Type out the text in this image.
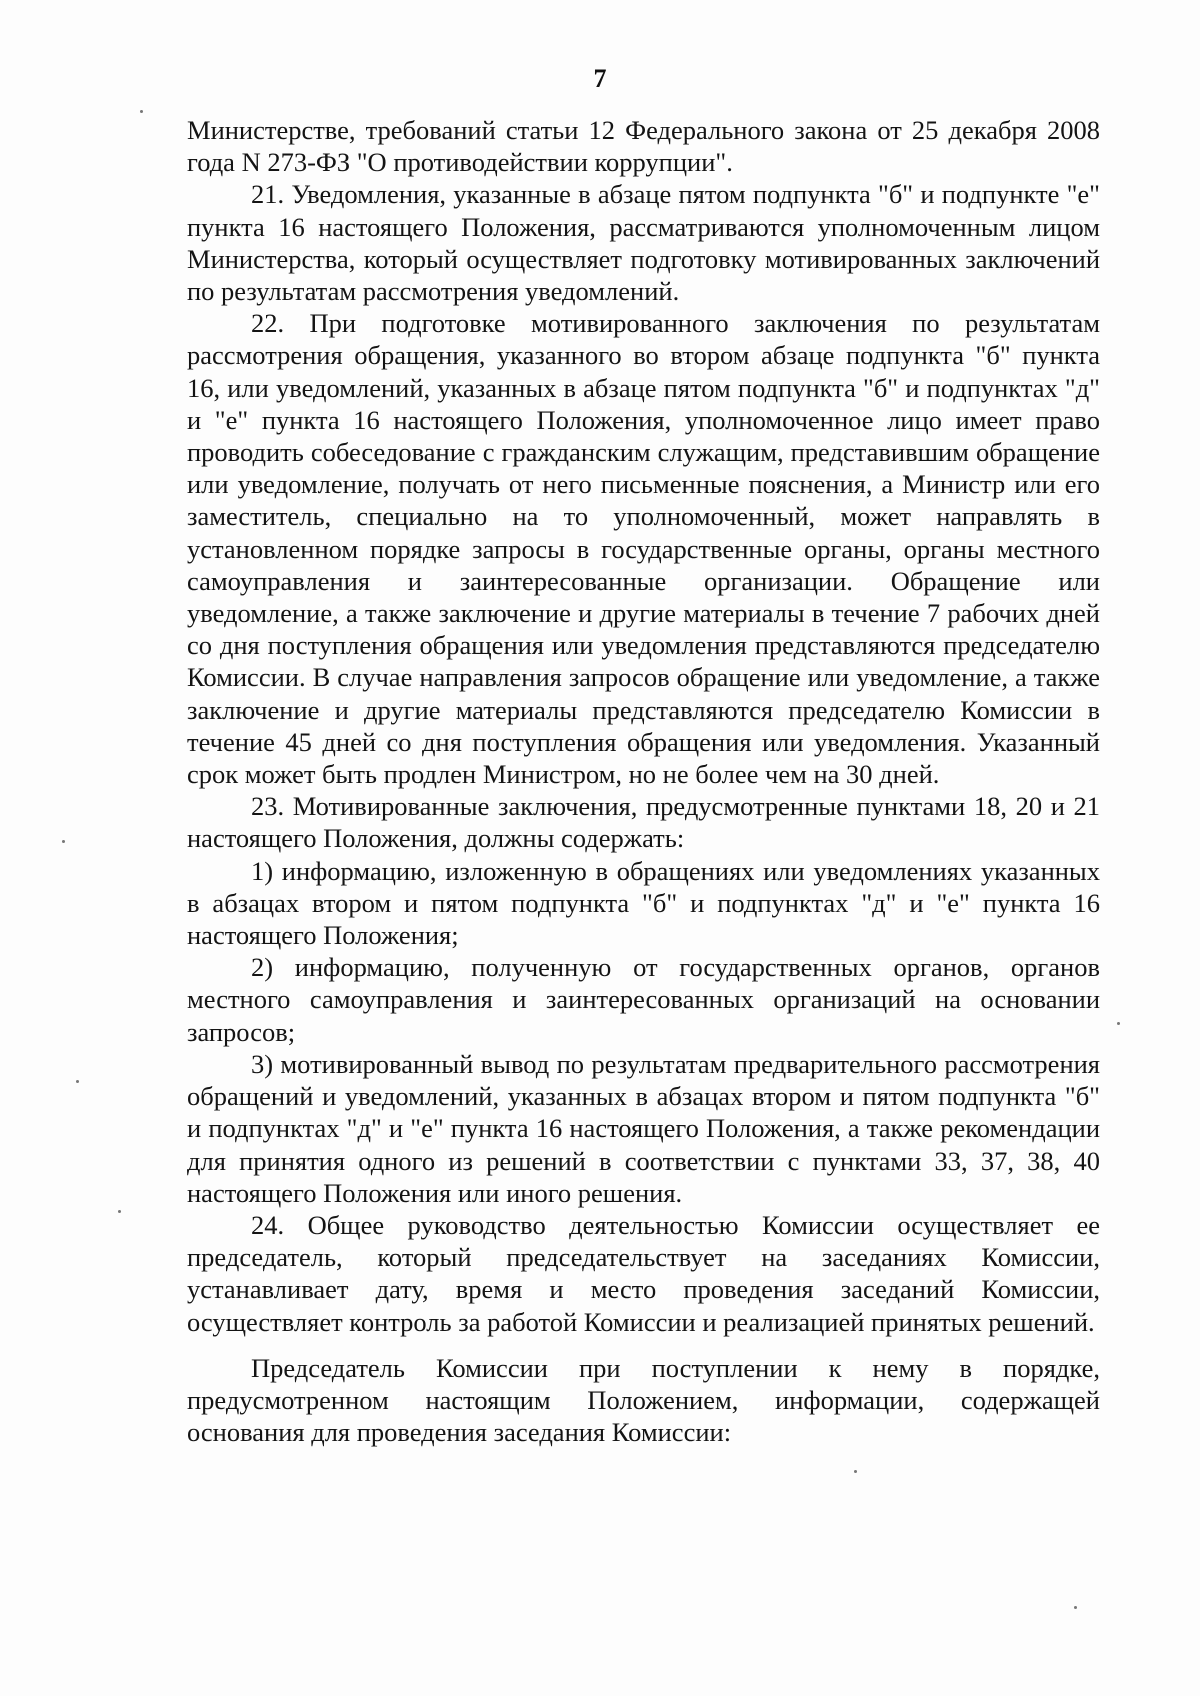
7

Министерстве, требований статьи 12 Федерального закона от 25 декабря 2008 года N 273-ФЗ "О противодействии коррупции".

21. Уведомления, указанные в абзаце пятом подпункта "б" и подпункте "е" пункта 16 настоящего Положения, рассматриваются уполномоченным лицом Министерства, который осуществляет подготовку мотивированных заключений по результатам рассмотрения уведомлений.

22. При подготовке мотивированного заключения по результатам рассмотрения обращения, указанного во втором абзаце подпункта "б" пункта 16, или уведомлений, указанных в абзаце пятом подпункта "б" и подпунктах "д" и "е" пункта 16 настоящего Положения, уполномоченное лицо имеет право проводить собеседование с гражданским служащим, представившим обращение или уведомление, получать от него письменные пояснения, а Министр или его заместитель, специально на то уполномоченный, может направлять в установленном порядке запросы в государственные органы, органы местного самоуправления и заинтересованные организации. Обращение или уведомление, а также заключение и другие материалы в течение 7 рабочих дней со дня поступления обращения или уведомления представляются председателю Комиссии. В случае направления запросов обращение или уведомление, а также заключение и другие материалы представляются председателю Комиссии в течение 45 дней со дня поступления обращения или уведомления. Указанный срок может быть продлен Министром, но не более чем на 30 дней.

23. Мотивированные заключения, предусмотренные пунктами 18, 20 и 21 настоящего Положения, должны содержать:

1) информацию, изложенную в обращениях или уведомлениях указанных в абзацах втором и пятом подпункта "б" и подпунктах "д" и "е" пункта 16 настоящего Положения;

2) информацию, полученную от государственных органов, органов местного самоуправления и заинтересованных организаций на основании запросов;

3) мотивированный вывод по результатам предварительного рассмотрения обращений и уведомлений, указанных в абзацах втором и пятом подпункта "б" и подпунктах "д" и "е" пункта 16 настоящего Положения, а также рекомендации для принятия одного из решений в соответствии с пунктами 33, 37, 38, 40 настоящего Положения или иного решения.

24. Общее руководство деятельностью Комиссии осуществляет ее председатель, который председательствует на заседаниях Комиссии, устанавливает дату, время и место проведения заседаний Комиссии, осуществляет контроль за работой Комиссии и реализацией принятых решений.

Председатель Комиссии при поступлении к нему в порядке, предусмотренном настоящим Положением, информации, содержащей основания для проведения заседания Комиссии:
